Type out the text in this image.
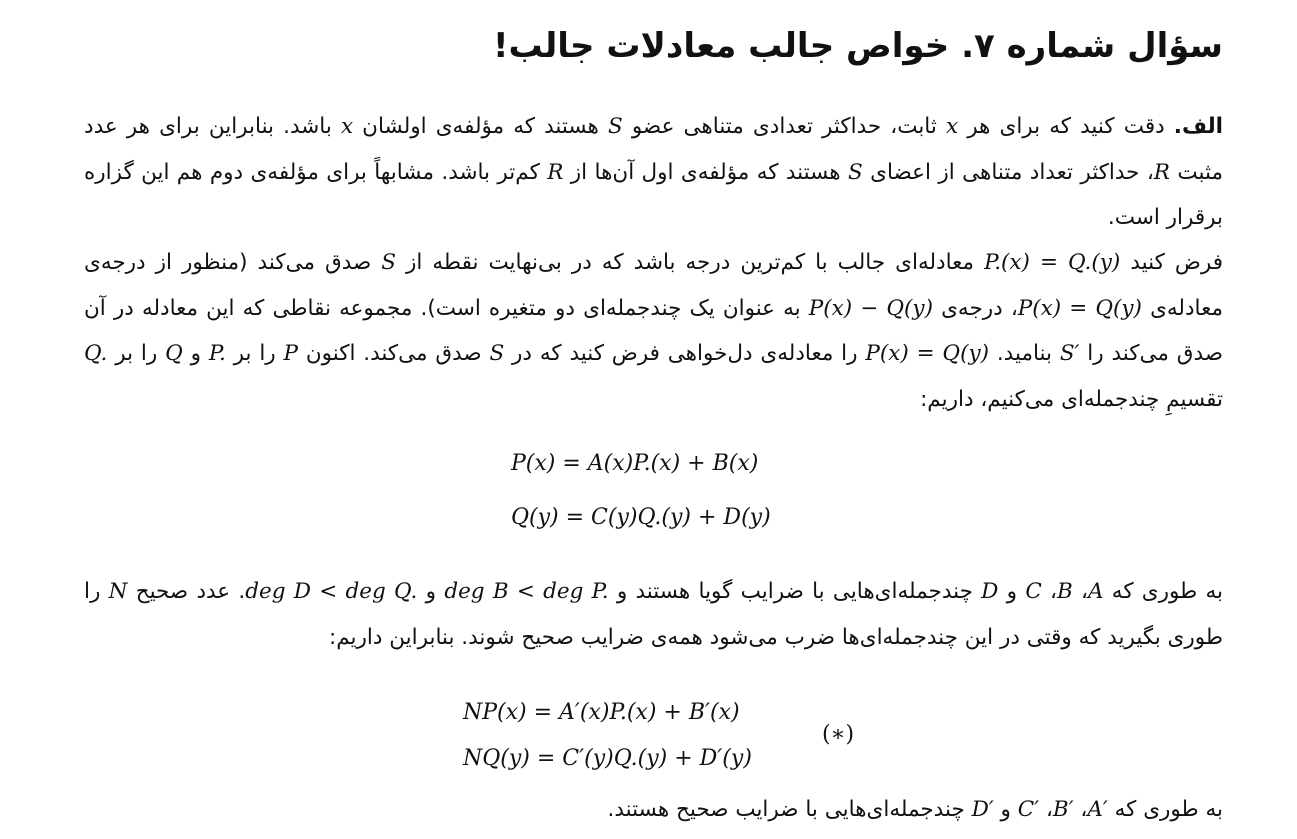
سؤال شماره ۷. خواص جالب معادلات جالب!

الف. دقت کنید که برای هر x ثابت، حداکثر تعدادی متناهی عضو S هستند که مؤلفه‌ی اولشان x باشد. بنابراین برای هر عدد مثبت R، حداکثر تعداد متناهی از اعضای S هستند که مؤلفه‌ی اول آن‌ها از R کم‌تر باشد. مشابهاً برای مؤلفه‌ی دوم هم این گزاره برقرار است.

فرض کنید P.(x) = Q.(y) معادله‌ای جالب با کم‌ترین درجه باشد که در بی‌نهایت نقطه از S صدق می‌کند (منظور از درجه‌ی معادله‌ی P(x) = Q(y)، درجه‌ی P(x) − Q(y) به عنوان یک چندجمله‌ای دو متغیره است). مجموعه نقاطی که این معادله در آن صدق می‌کند را S′ بنامید. P(x) = Q(y) را معادله‌ی دل‌خواهی فرض کنید که در S صدق می‌کند. اکنون P را بر P. و Q را بر Q. تقسیمِ چندجمله‌ای می‌کنیم، داریم:

P(x) = A(x)P.(x) + B(x)
Q(y) = C(y)Q.(y) + D(y)

به طوری که A، B، C و D چندجمله‌ای‌هایی با ضرایب گویا هستند و deg B < deg P. و deg D < deg Q.. عدد صحیح N را طوری بگیرید که وقتی در این چندجمله‌ای‌ها ضرب می‌شود همه‌ی ضرایب صحیح شوند. بنابراین داریم:

NP(x) = A′(x)P.(x) + B′(x)
NQ(y) = C′(y)Q.(y) + D′(y)
(∗)

به طوری که A′، B′، C′ و D′ چندجمله‌ای‌هایی با ضرایب صحیح هستند.
